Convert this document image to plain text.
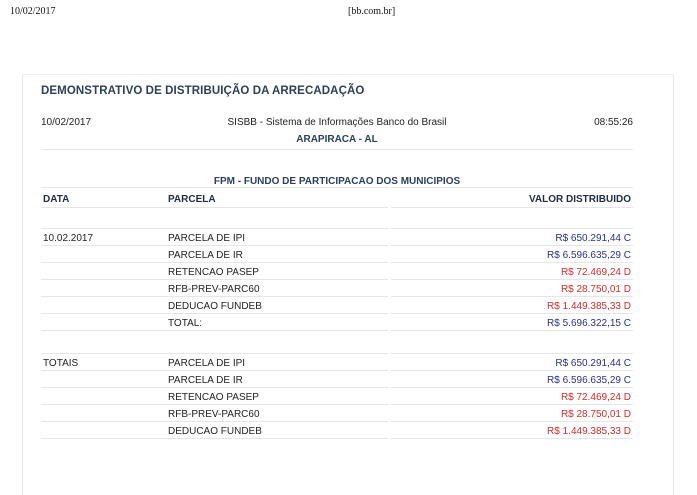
10/02/2017	[bb.com.br]
DEMONSTRATIVO DE DISTRIBUIÇÃO DA ARRECADAÇÃO
10/02/2017	SISBB - Sistema de Informações Banco do Brasil	08:55:26
ARAPIRACA - AL
FPM - FUNDO DE PARTICIPACAO DOS MUNICIPIOS
DATA	PARCELA	VALOR DISTRIBUIDO
10.02.2017	PARCELA DE IPI	R$ 650.291,44 C
PARCELA DE IR	R$ 6.596.635,29 C
RETENCAO PASEP	R$ 72.469,24 D
RFB-PREV-PARC60	R$ 28.750,01 D
DEDUCAO FUNDEB	R$ 1.449.385,33 D
TOTAL:	R$ 5.696.322,15 C
TOTAIS	PARCELA DE IPI	R$ 650.291,44 C
PARCELA DE IR	R$ 6.596.635,29 C
RETENCAO PASEP	R$ 72.469,24 D
RFB-PREV-PARC60	R$ 28.750,01 D
DEDUCAO FUNDEB	R$ 1.449.385,33 D
